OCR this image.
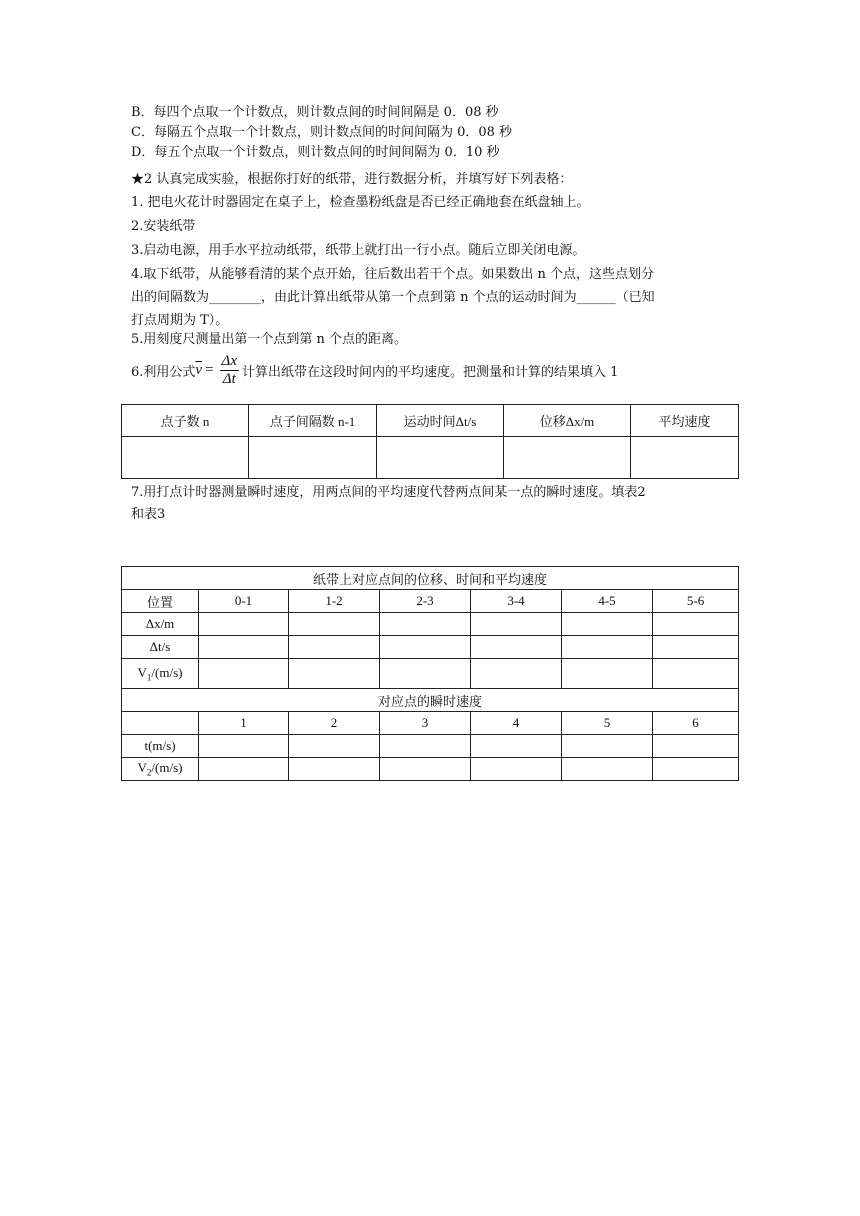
B．每四个点取一个计数点，则计数点间的时间间隔是 0．08 秒
C．每隔五个点取一个计数点，则计数点间的时间间隔为 0．08 秒
D．每五个点取一个计数点，则计数点间的时间间隔为 0．10 秒
★2 认真完成实验，根据你打好的纸带，进行数据分析，并填写好下列表格：
1. 把电火花计时器固定在桌子上，检查墨粉纸盘是否已经正确地套在纸盘轴上。
2.安装纸带
3.启动电源，用手水平拉动纸带，纸带上就打出一行小点。随后立即关闭电源。
4.取下纸带，从能够看清的某个点开始，往后数出若干个点。如果数出 n 个点，这些点划分
出的间隔数为________，由此计算出纸带从第一个点到第 n 个点的运动时间为______（已知
打点周期为 T）。
5.用刻度尺测量出第一个点到第 n 个点的距离。
6.利用公式 $\overline{v} = \frac{\Delta x}{\Delta t}$ 计算出纸带在这段时间内的平均速度。把测量和计算的结果填入 1
点子数 n	点子间隔数 n-1	运动时间Δt/s	位移Δx/m	平均速度

7.用打点计时器测量瞬时速度，用两点间的平均速度代替两点间某一点的瞬时速度。填表2
和表3
纸带上对应点间的位移、时间和平均速度						
位置	0-1	1-2	2-3	3-4	4-5	5-6
Δx/m						
Δt/s						
$V_1/(m/s)$						
对应点的瞬时速度						
	1	2	3	4	5	6
t(m/s)						
$V_2/(m/s)$						
